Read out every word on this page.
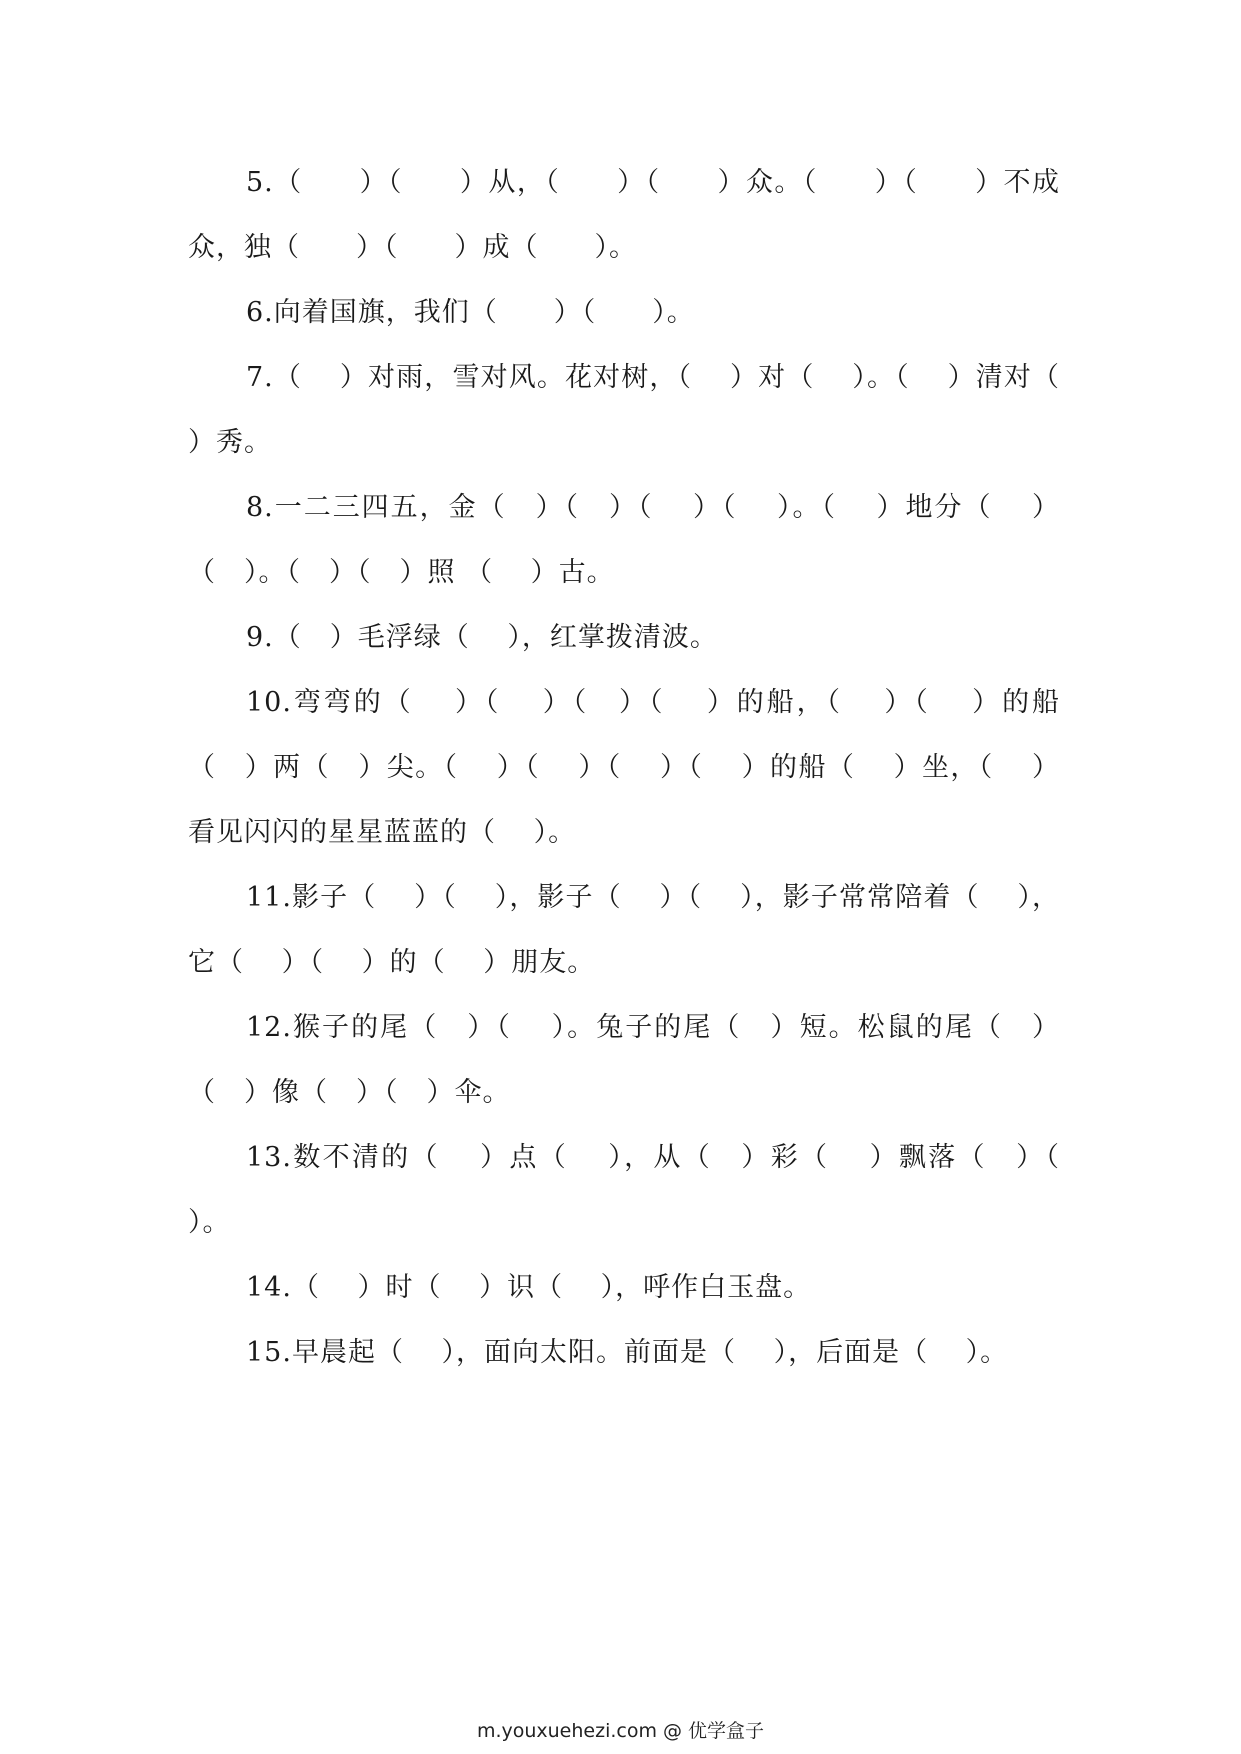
5.（　　）（　　）从，（　　）（　　）众。（　　）（　　）不成众，独（　　）（　　）成（　　）。

6.向着国旗，我们（　　）（　　）。

7.（　 ）对雨，雪对风。花对树，（　 ）对（　 ）。（　 ）清对（　 ）秀。

8.一二三四五，金（　）（　）（　 ）（　 ）。（　 ）地分（　 ）（　）。（　）（　）照 （　 ）古。

9.（　）毛浮绿（　 ），红掌拨清波。

10.弯弯的（　 ）（　 ）（　）（　 ）的船，（　 ）（　 ）的船（　）两（　）尖。（　 ）（　 ）（　 ）（　 ）的船（　 ）坐，（　 ）看见闪闪的星星蓝蓝的（　 ）。

11.影子（　 ）（　 ），影子（　 ）（　 ），影子常常陪着（　 ），它（　 ）（　 ）的（　 ）朋友。

12.猴子的尾（　）（　 ）。兔子的尾（　）短。松鼠的尾（　）（　）像（　）（　）伞。

13.数不清的（　 ）点（　 ），从（　）彩（　 ）飘落（　）（　 ）。

14.（　 ）时（　 ）识（　 ），呼作白玉盘。

15.早晨起（　 ），面向太阳。前面是（　 ），后面是（　 ）。

m.youxuehezi.com @ 优学盒子
